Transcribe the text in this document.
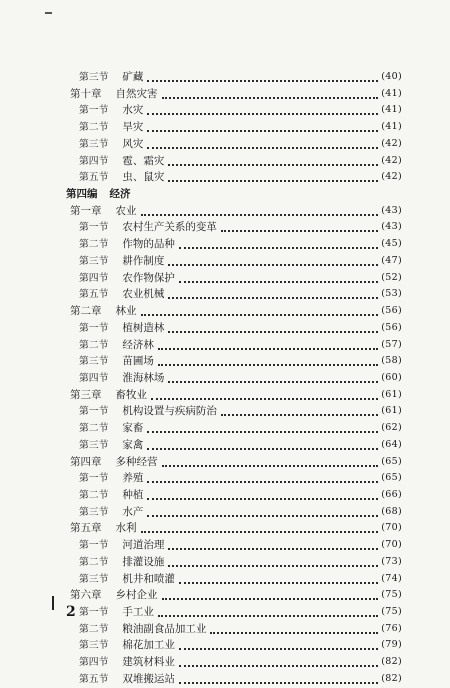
第三节 矿藏	(40)
第十章 自然灾害	(41)
第一节 水灾	(41)
第二节 旱灾	(41)
第三节 风灾	(42)
第四节 雹、霜灾	(42)
第五节 虫、鼠灾	(42)
第四编 经济
第一章 农业	(43)
第一节 农村生产关系的变革	(43)
第二节 作物的品种	(45)
第三节 耕作制度	(47)
第四节 农作物保护	(52)
第五节 农业机械	(53)
第二章 林业	(56)
第一节 植树造林	(56)
第二节 经济林	(57)
第三节 苗圃场	(58)
第四节 淮海林场	(60)
第三章 畜牧业	(61)
第一节 机构设置与疾病防治	(61)
第二节 家畜	(62)
第三节 家禽	(64)
第四章 多种经营	(65)
第一节 养殖	(65)
第二节 种植	(66)
第三节 水产	(68)
第五章 水利	(70)
第一节 河道治理	(70)
第二节 排灌设施	(73)
第三节 机井和喷灌	(74)
第六章 乡村企业	(75)
第一节 手工业	(75)
第二节 粮油副食品加工业	(76)
第三节 棉花加工业	(79)
第四节 建筑材料业	(82)
第五节 双堆搬运站	(82)
2
